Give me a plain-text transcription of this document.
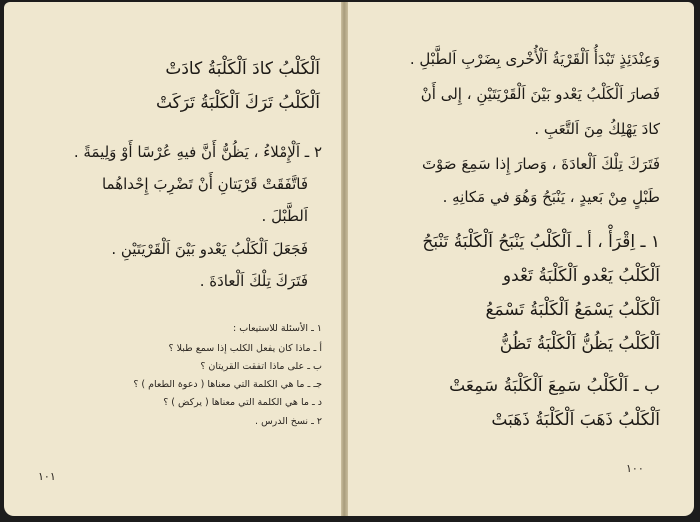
اَلْكَلْبُ كادَ اَلْكَلْبَةُ كادَتْ
اَلْكَلْبُ تَرَكَ اَلْكَلْبَةُ تَرَكَتْ
٢ ـ اَلْإِمْلاءُ ، يَظُنُّ أَنَّ فيهِ عُرْسًا أَوْ وَلِيمَةً .
فَاتَّفَقَتْ قَرْيَتانِ أَنْ تَضْرِبَ إِحْداهُما
اَلطَّبْلَ .
فَجَعَلَ اَلْكَلْبُ يَعْدو بَيْنَ اَلْقَرْيَتَيْنِ .
فَتَرَكَ تِلْكَ اَلْعادَةَ .
١ ـ الأسئلة للاستيعاب :
أ ـ ماذا كان يفعل الكلب إذا سمع طبلا ؟
ب ـ على ماذا اتفقت القريتان ؟
جـ ـ ما هي الكلمة التي معناها ( دعوة الطعام ) ؟
د ـ ما هي الكلمة التي معناها ( يركض ) ؟
٢ ـ نسخ الدرس .
١٠١
وَعِنْدَئِذٍ تَبْدَأُ اَلْقَرْيَةُ اَلْأُخْرى بِضَرْبِ اَلطَّبْلِ .
فَصارَ اَلْكَلْبُ يَعْدو بَيْنَ اَلْقَرْيَتَيْنِ ، إِلى أَنْ
كادَ يَهْلِكُ مِنَ اَلتَّعَبِ .
فَتَرَكَ تِلْكَ اَلْعادَةَ ، وَصارَ إِذا سَمِعَ صَوْتَ
طَبْلٍ مِنْ بَعيدٍ ، يَنْبَحُ وَهُوَ في مَكانِهِ .
١ ـ اِقْرَأْ ، أ ـ اَلْكَلْبُ يَنْبَحُ اَلْكَلْبَةُ تَنْبَحُ
اَلْكَلْبُ يَعْدو اَلْكَلْبَةُ تَعْدو
اَلْكَلْبُ يَسْمَعُ اَلْكَلْبَةُ تَسْمَعُ
اَلْكَلْبُ يَظُنُّ اَلْكَلْبَةُ تَظُنُّ
ب ـ اَلْكَلْبُ سَمِعَ اَلْكَلْبَةُ سَمِعَتْ
اَلْكَلْبُ ذَهَبَ اَلْكَلْبَةُ ذَهَبَتْ
١٠٠
